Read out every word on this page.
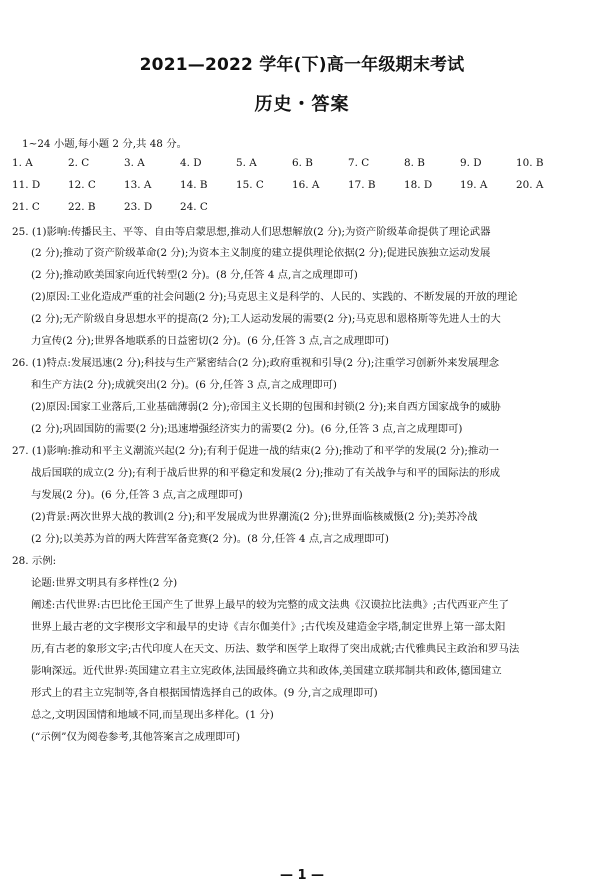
2021—2022 学年(下)高一年级期末考试
历史・答案
1~24 小题,每小题 2 分,共 48 分。
1. A	2. C	3. A	4. D	5. A	6. B	7. C	8. B	9. D	10. B
11. D	12. C	13. A	14. B	15. C	16. A	17. B	18. D	19. A	20. A
21. C	22. B	23. D	24. C
25. (1)影响:传播民主、平等、自由等启蒙思想,推动人们思想解放(2 分);为资产阶级革命提供了理论武器
(2 分);推动了资产阶级革命(2 分);为资本主义制度的建立提供理论依据(2 分);促进民族独立运动发展
(2 分);推动欧美国家向近代转型(2 分)。(8 分,任答 4 点,言之成理即可)
(2)原因:工业化造成严重的社会问题(2 分);马克思主义是科学的、人民的、实践的、不断发展的开放的理论
(2 分);无产阶级自身思想水平的提高(2 分);工人运动发展的需要(2 分);马克思和恩格斯等先进人士的大
力宣传(2 分);世界各地联系的日益密切(2 分)。(6 分,任答 3 点,言之成理即可)
26. (1)特点:发展迅速(2 分);科技与生产紧密结合(2 分);政府重视和引导(2 分);注重学习创新外来发展理念
和生产方法(2 分);成就突出(2 分)。(6 分,任答 3 点,言之成理即可)
(2)原因:国家工业落后,工业基础薄弱(2 分);帝国主义长期的包围和封锁(2 分);来自西方国家战争的威胁
(2 分);巩固国防的需要(2 分);迅速增强经济实力的需要(2 分)。(6 分,任答 3 点,言之成理即可)
27. (1)影响:推动和平主义潮流兴起(2 分);有利于促进一战的结束(2 分);推动了和平学的发展(2 分);推动一
战后国联的成立(2 分);有利于战后世界的和平稳定和发展(2 分);推动了有关战争与和平的国际法的形成
与发展(2 分)。(6 分,任答 3 点,言之成理即可)
(2)背景:两次世界大战的教训(2 分);和平发展成为世界潮流(2 分);世界面临核威慑(2 分);美苏冷战
(2 分);以美苏为首的两大阵营军备竞赛(2 分)。(8 分,任答 4 点,言之成理即可)
28. 示例:
论题:世界文明具有多样性(2 分)
阐述:古代世界:古巴比伦王国产生了世界上最早的较为完整的成文法典《汉谟拉比法典》;古代西亚产生了
世界上最古老的文字楔形文字和最早的史诗《吉尔伽美什》;古代埃及建造金字塔,制定世界上第一部太阳
历,有古老的象形文字;古代印度人在天文、历法、数学和医学上取得了突出成就;古代雅典民主政治和罗马法
影响深远。近代世界:英国建立君主立宪政体,法国最终确立共和政体,美国建立联邦制共和政体,德国建立
形式上的君主立宪制等,各自根据国情选择自己的政体。(9 分,言之成理即可)
总之,文明因国情和地域不同,而呈现出多样化。(1 分)
(“示例”仅为阅卷参考,其他答案言之成理即可)
— 1 —
